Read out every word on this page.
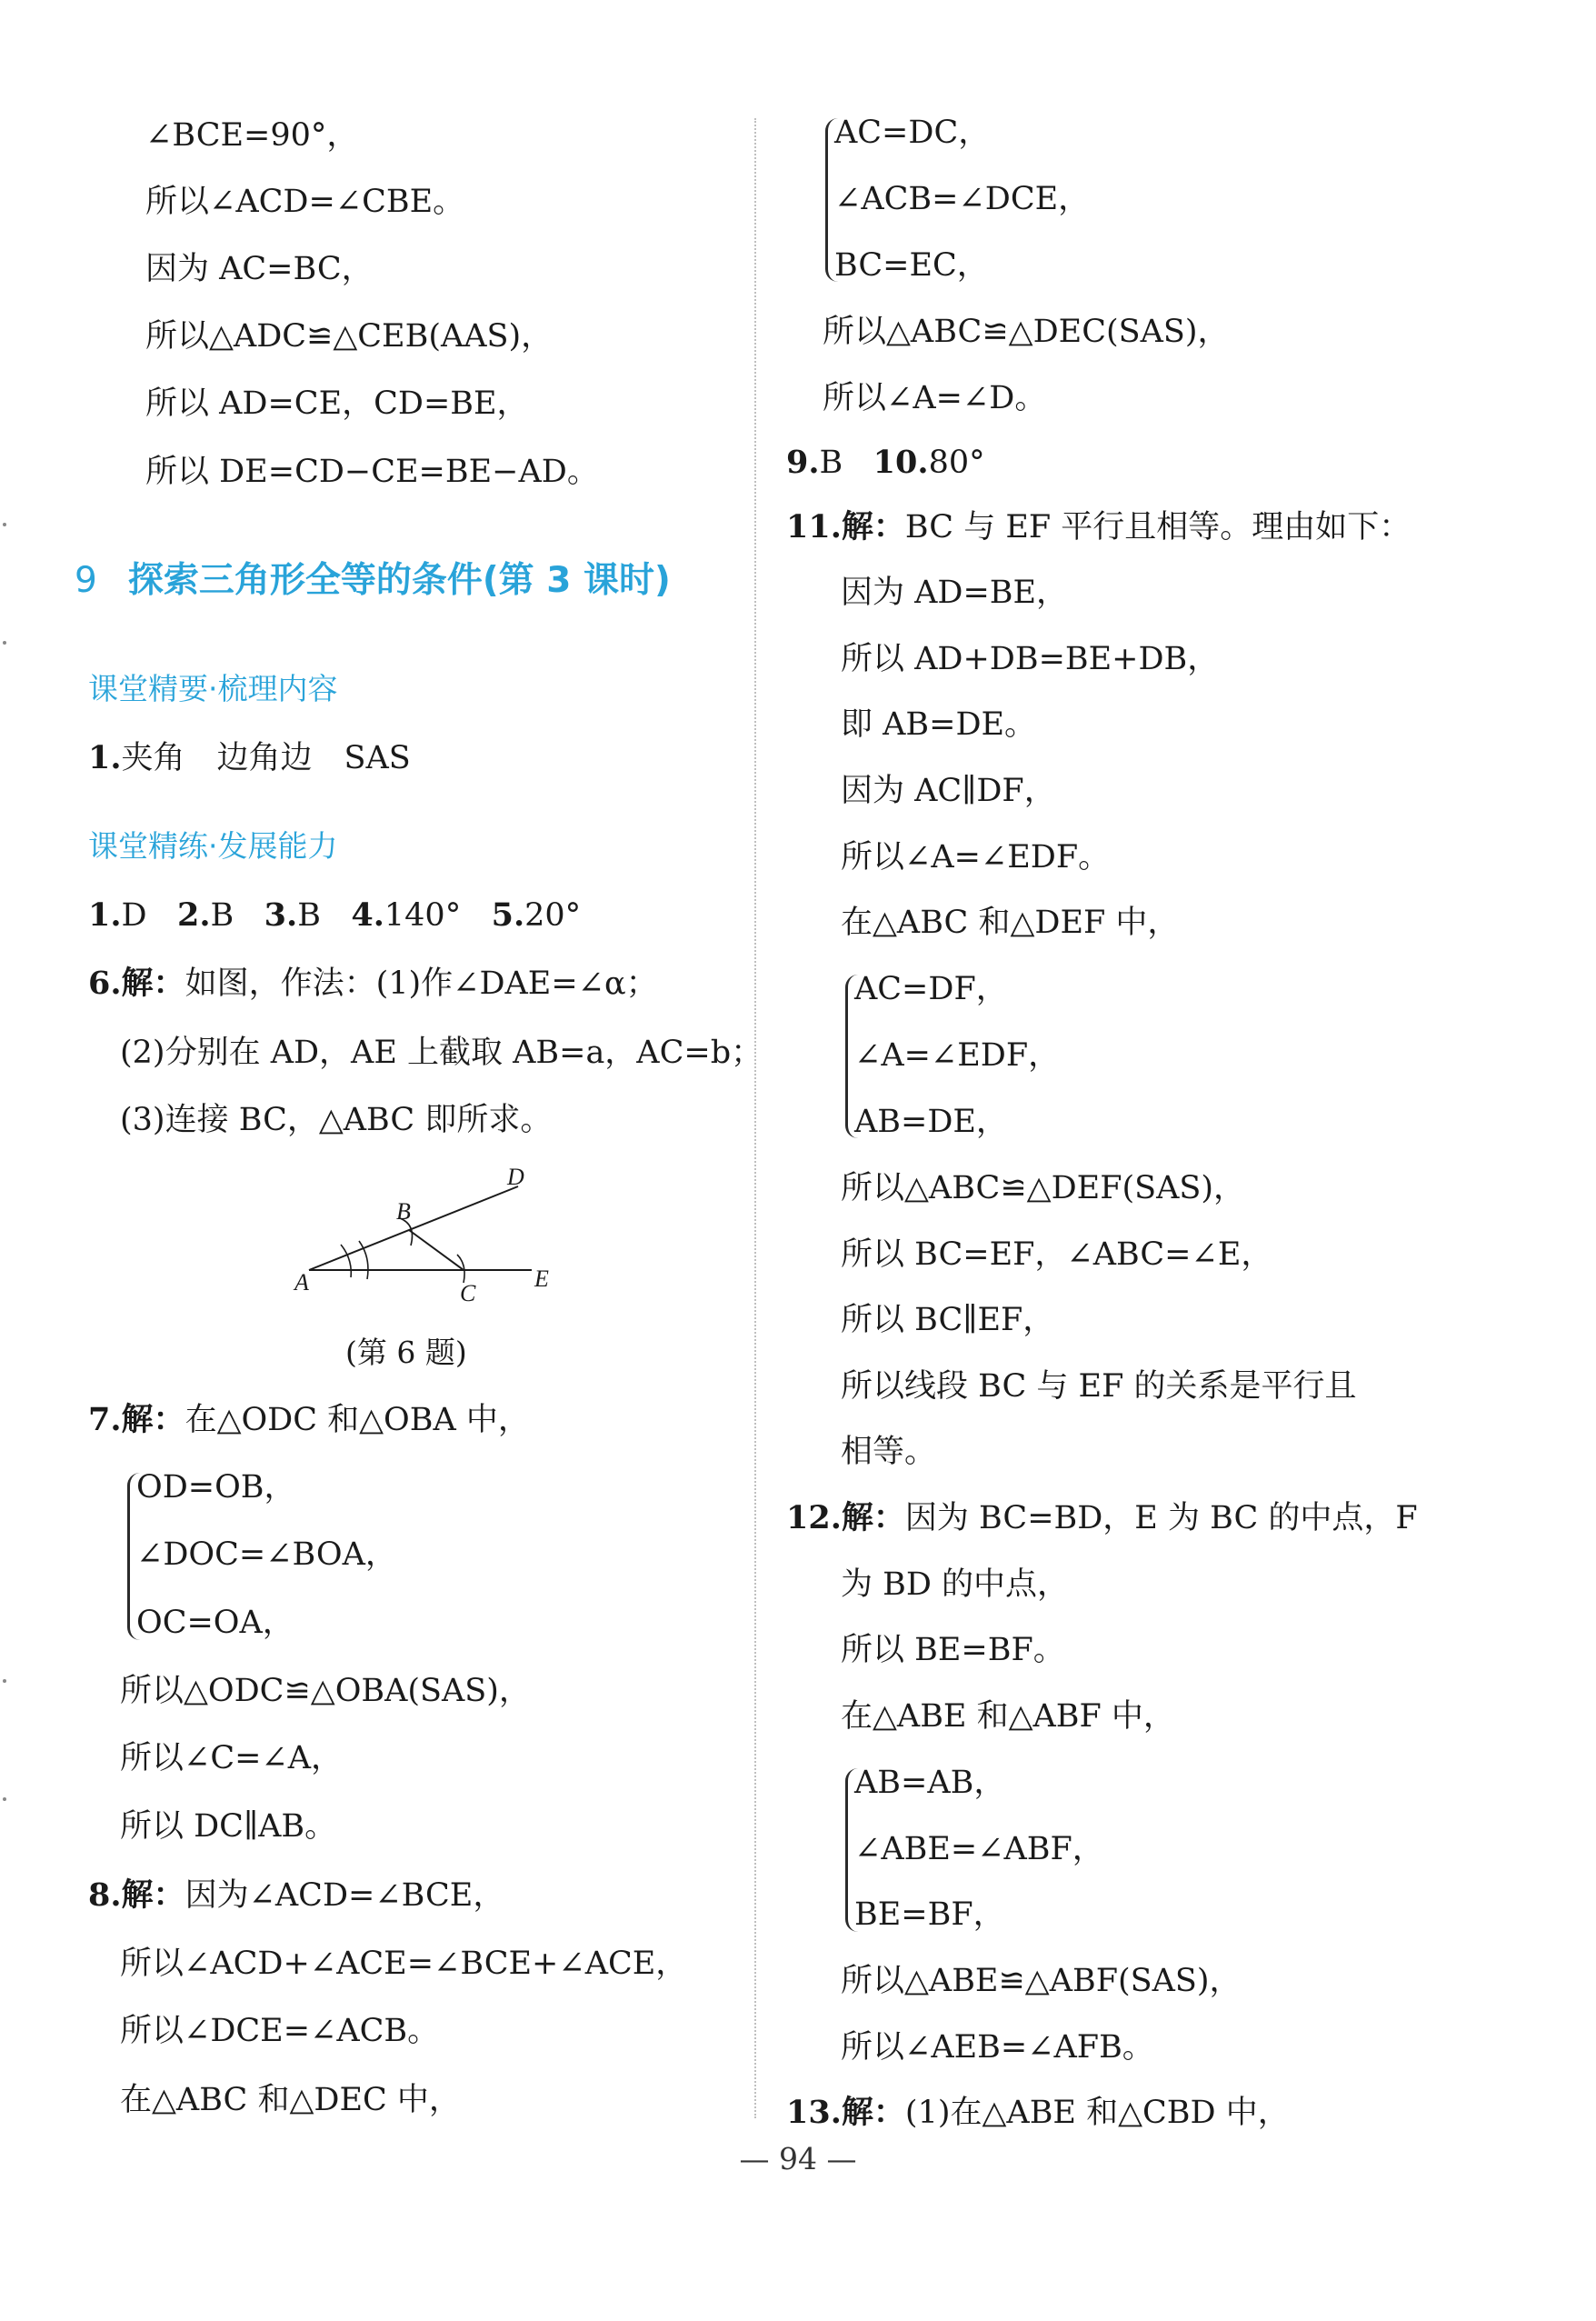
∠BCE=90°，
所以∠ACD=∠CBE。
因为 AC=BC，
所以△ADC≌△CEB(AAS)，
所以 AD=CE，CD=BE，
所以 DE=CD−CE=BE−AD。
9 探索三角形全等的条件(第 3 课时)
课堂精要·梳理内容
1.夹角　边角边　SAS
课堂精练·发展能力
1.D 2.B 3.B 4.140° 5.20°
6.解：如图，作法：(1)作∠DAE=∠α；
(2)分别在 AD，AE 上截取 AB=a，AC=b；
(3)连接 BC，△ABC 即所求。
A
B
C
D
E
(第 6 题)
7.解：在△ODC 和△OBA 中，
OD=OB，
∠DOC=∠BOA，
OC=OA，
所以△ODC≌△OBA(SAS)，
所以∠C=∠A，
所以 DC∥AB。
8.解：因为∠ACD=∠BCE，
所以∠ACD+∠ACE=∠BCE+∠ACE，
所以∠DCE=∠ACB。
在△ABC 和△DEC 中，
AC=DC，
∠ACB=∠DCE，
BC=EC，
所以△ABC≌△DEC(SAS)，
所以∠A=∠D。
9.B 10.80°
11.解：BC 与 EF 平行且相等。理由如下：
因为 AD=BE，
所以 AD+DB=BE+DB，
即 AB=DE。
因为 AC∥DF，
所以∠A=∠EDF。
在△ABC 和△DEF 中，
AC=DF，
∠A=∠EDF，
AB=DE，
所以△ABC≌△DEF(SAS)，
所以 BC=EF，∠ABC=∠E，
所以 BC∥EF，
所以线段 BC 与 EF 的关系是平行且
相等。
12.解：因为 BC=BD，E 为 BC 的中点，F
为 BD 的中点，
所以 BE=BF。
在△ABE 和△ABF 中，
AB=AB，
∠ABE=∠ABF，
BE=BF，
所以△ABE≌△ABF(SAS)，
所以∠AEB=∠AFB。
13.解：(1)在△ABE 和△CBD 中，
— 94 —
